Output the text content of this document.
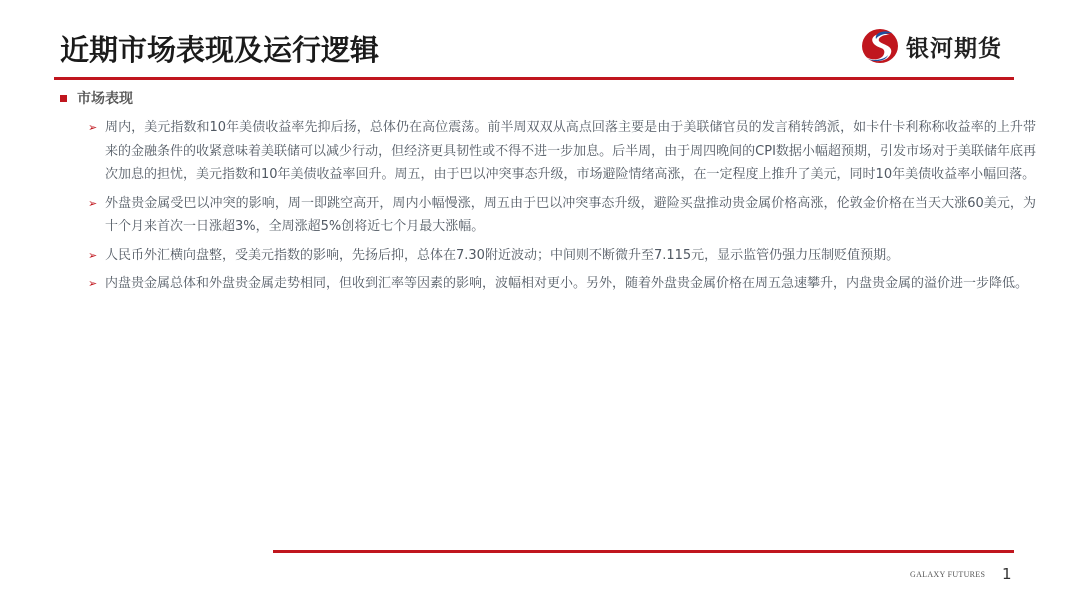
近期市场表现及运行逻辑	银河期货
市场表现
➢ 周内，美元指数和10年美债收益率先抑后扬，总体仍在高位震荡。前半周双双从高点回落主要是由于美联储官员的发言稍转鸽派，如卡什卡利称称收益率的上升带来的金融条件的收紧意味着美联储可以减少行动，但经济更具韧性或不得不进一步加息。后半周，由于周四晚间的CPI数据小幅超预期，引发市场对于美联储年底再次加息的担忧，美元指数和10年美债收益率回升。周五，由于巴以冲突事态升级，市场避险情绪高涨，在一定程度上推升了美元，同时10年美债收益率小幅回落。
➢ 外盘贵金属受巴以冲突的影响，周一即跳空高开，周内小幅慢涨，周五由于巴以冲突事态升级，避险买盘推动贵金属价格高涨，伦敦金价格在当天大涨60美元，为十个月来首次一日涨超3%，全周涨超5%创将近七个月最大涨幅。
➢ 人民币外汇横向盘整，受美元指数的影响，先扬后抑，总体在7.30附近波动；中间则不断微升至7.115元，显示监管仍强力压制贬值预期。
➢ 内盘贵金属总体和外盘贵金属走势相同，但收到汇率等因素的影响，波幅相对更小。另外，随着外盘贵金属价格在周五急速攀升，内盘贵金属的溢价进一步降低。
GALAXY FUTURES 1
